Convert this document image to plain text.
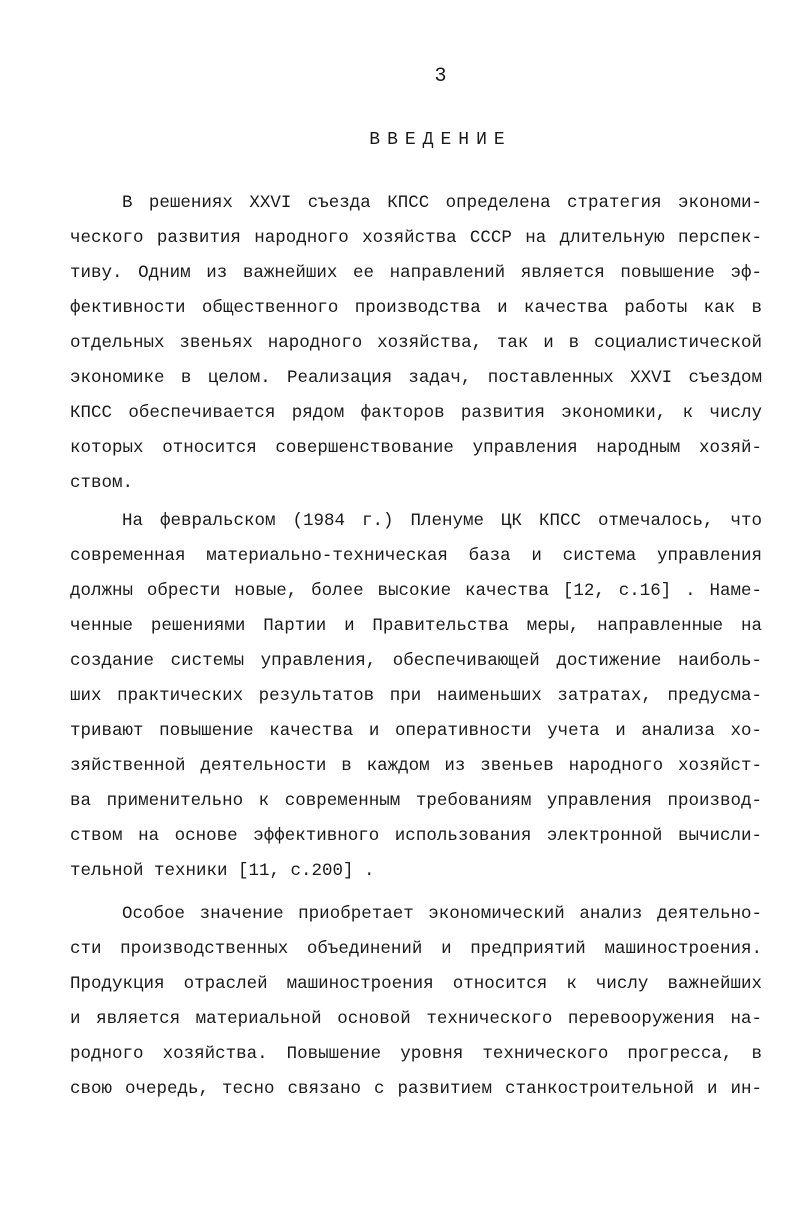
3
ВВЕДЕНИЕ
В решениях XXVI съезда КПСС определена стратегия экономи-
ческого развития народного хозяйства СССР на длительную перспек-
тиву. Одним из важнейших ее направлений является повышение эф-
фективности общественного производства и качества работы как в
отдельных звеньях народного хозяйства, так и в социалистической
экономике в целом. Реализация задач, поставленных XXVI съездом
КПСС обеспечивается рядом факторов развития экономики, к числу
которых относится совершенствование управления народным хозяй-
ством.
На февральском (1984 г.) Пленуме ЦК КПСС отмечалось, что
современная материально-техническая база и система управления
должны обрести новые, более высокие качества [12, с.16] . Наме-
ченные решениями Партии и Правительства меры, направленные на
создание системы управления, обеспечивающей достижение наиболь-
ших практических результатов при наименьших затратах, предусма-
тривают повышение качества и оперативности учета и анализа хо-
зяйственной деятельности в каждом из звеньев народного хозяйст-
ва применительно к современным требованиям управления производ-
ством на основе эффективного использования электронной вычисли-
тельной техники [11, с.200] .
Особое значение приобретает экономический анализ деятельно-
сти производственных объединений и предприятий машиностроения.
Продукция отраслей машиностроения относится к числу важнейших
и является материальной основой технического перевооружения на-
родного хозяйства. Повышение уровня технического прогресса, в
свою очередь, тесно связано с развитием станкостроительной и ин-
